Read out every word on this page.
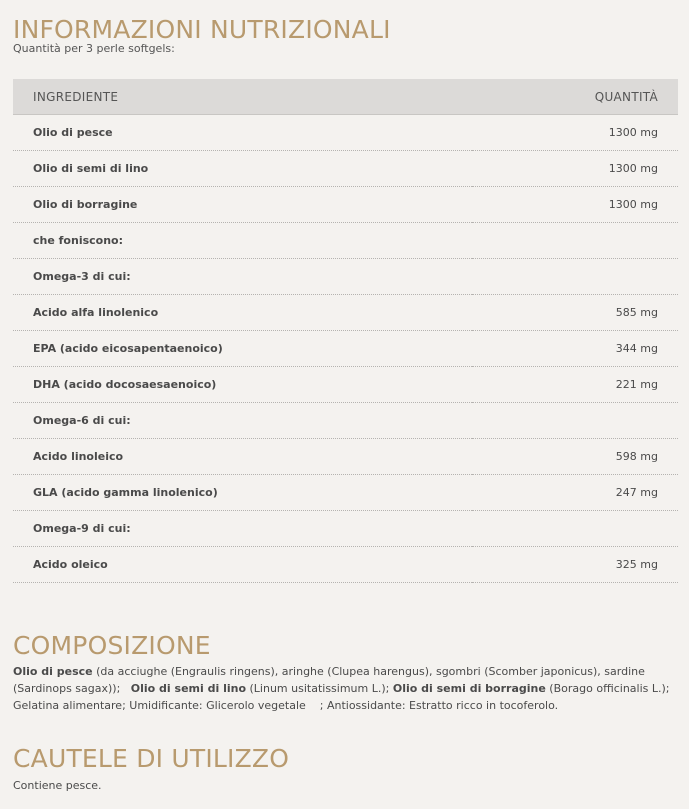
INFORMAZIONI NUTRIZIONALI

Quantità per 3 perle softgels:

INGREDIENTE	QUANTITÀ
Olio di pesce	1300 mg
Olio di semi di lino	1300 mg
Olio di borragine	1300 mg
che foniscono:	
Omega-3 di cui:	
Acido alfa linolenico	585 mg
EPA (acido eicosapentaenoico)	344 mg
DHA (acido docosaesaenoico)	221 mg
Omega-6 di cui:	
Acido linoleico	598 mg
GLA (acido gamma linolenico)	247 mg
Omega-9 di cui:	
Acido oleico	325 mg
COMPOSIZIONE

Olio di pesce (da acciughe (Engraulis ringens), aringhe (Clupea harengus), sgombri (Scomber japonicus), sardine (Sardinops sagax));   Olio di semi di lino (Linum usitatissimum L.); Olio di semi di borragine (Borago officinalis L.); Gelatina alimentare; Umidificante: Glicerolo vegetale    ; Antiossidante: Estratto ricco in tocoferolo.

CAUTELE DI UTILIZZO

Contiene pesce.
